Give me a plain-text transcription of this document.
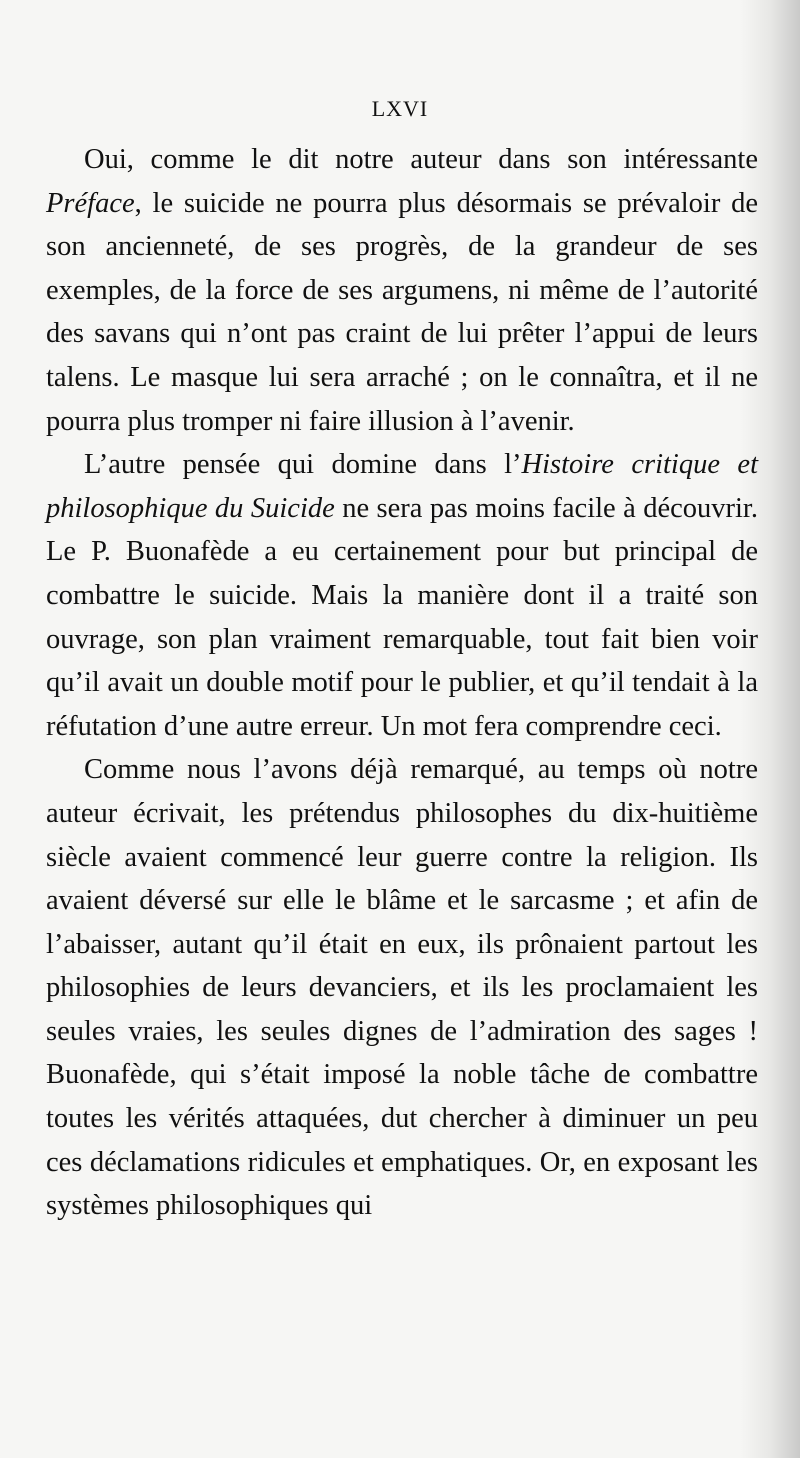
LXVI

Oui, comme le dit notre auteur dans son intéressante Préface, le suicide ne pourra plus désormais se prévaloir de son ancienneté, de ses progrès, de la grandeur de ses exemples, de la force de ses argumens, ni même de l’autorité des savans qui n’ont pas craint de lui prêter l’appui de leurs talens. Le masque lui sera arraché ; on le connaîtra, et il ne pourra plus tromper ni faire illusion à l’avenir.

L’autre pensée qui domine dans l’Histoire critique et philosophique du Suicide ne sera pas moins facile à découvrir. Le P. Buonafède a eu certainement pour but principal de combattre le suicide. Mais la manière dont il a traité son ouvrage, son plan vraiment remarquable, tout fait bien voir qu’il avait un double motif pour le publier, et qu’il tendait à la réfutation d’une autre erreur. Un mot fera comprendre ceci.

Comme nous l’avons déjà remarqué, au temps où notre auteur écrivait, les prétendus philosophes du dix-huitième siècle avaient commencé leur guerre contre la religion. Ils avaient déversé sur elle le blâme et le sarcasme ; et afin de l’abaisser, autant qu’il était en eux, ils prônaient partout les philosophies de leurs devanciers, et ils les proclamaient les seules vraies, les seules dignes de l’admiration des sages ! Buonafède, qui s’était imposé la noble tâche de combattre toutes les vérités attaquées, dut chercher à diminuer un peu ces déclamations ridicules et emphatiques. Or, en exposant les systèmes philosophiques qui
